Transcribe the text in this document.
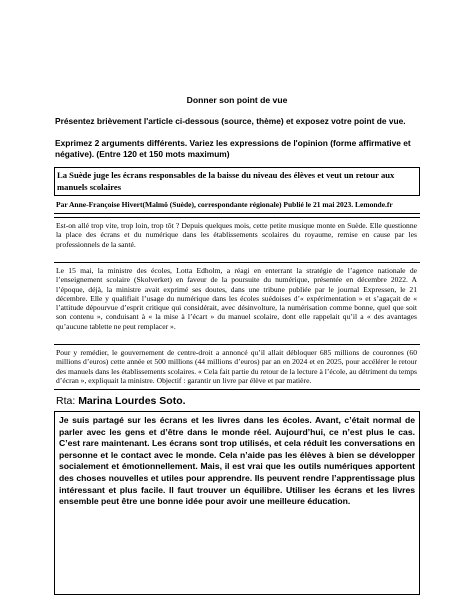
Donner son point de vue
Présentez brièvement l'article ci-dessous (source, thème) et exposez votre point de vue.
Exprimez 2 arguments différents. Variez les expressions de l'opinion (forme affirmative et négative). (Entre 120 et 150 mots maximum)
La Suède juge les écrans responsables de la baisse du niveau des élèves et veut un retour aux manuels scolaires
Par Anne-Françoise Hivert(Malmö (Suède), correspondante régionale) Publié le 21 mai 2023. Lemonde.fr
Est-on allé trop vite, trop loin, trop tôt ? Depuis quelques mois, cette petite musique monte en Suède. Elle questionne la place des écrans et du numérique dans les établissements scolaires du royaume, remise en cause par les professionnels de la santé.
Le 15 mai, la ministre des écoles, Lotta Edholm, a réagi en enterrant la stratégie de l’agence nationale de l’enseignement scolaire (Skolverket) en faveur de la poursuite du numérique, présentée en décembre 2022. A l’époque, déjà, la ministre avait exprimé ses doutes, dans une tribune publiée par le journal Expressen, le 21 décembre. Elle y qualifiait l’usage du numérique dans les écoles suédoises d’« expérimentation » et s’agaçait de « l’attitude dépourvue d’esprit critique qui considérait, avec désinvolture, la numérisation comme bonne, quel que soit son contenu », conduisant à « la mise à l’écart » du manuel scolaire, dont elle rappelait qu’il a « des avantages qu’aucune tablette ne peut remplacer ».
Pour y remédier, le gouvernement de centre-droit a annoncé qu’il allait débloquer 685 millions de couronnes (60 millions d’euros) cette année et 500 millions (44 millions d’euros) par an en 2024 et en 2025, pour accélérer le retour des manuels dans les établissements scolaires. « Cela fait partie du retour de la lecture à l’école, au détriment du temps d’écran », expliquait la ministre. Objectif : garantir un livre par élève et par matière.
Rta: Marina Lourdes Soto.
Je suis partagé sur les écrans et les livres dans les écoles. Avant, c’était normal de parler avec les gens et d’être dans le monde réel. Aujourd’hui, ce n’est plus le cas. C’est rare maintenant. Les écrans sont trop utilisés, et cela réduit les conversations en personne et le contact avec le monde. Cela n’aide pas les élèves à bien se développer socialement et émotionnellement. Mais, il est vrai que les outils numériques apportent des choses nouvelles et utiles pour apprendre. Ils peuvent rendre l’apprentissage plus intéressant et plus facile. Il faut trouver un équilibre. Utiliser les écrans et les livres ensemble peut être une bonne idée pour avoir une meilleure éducation.
